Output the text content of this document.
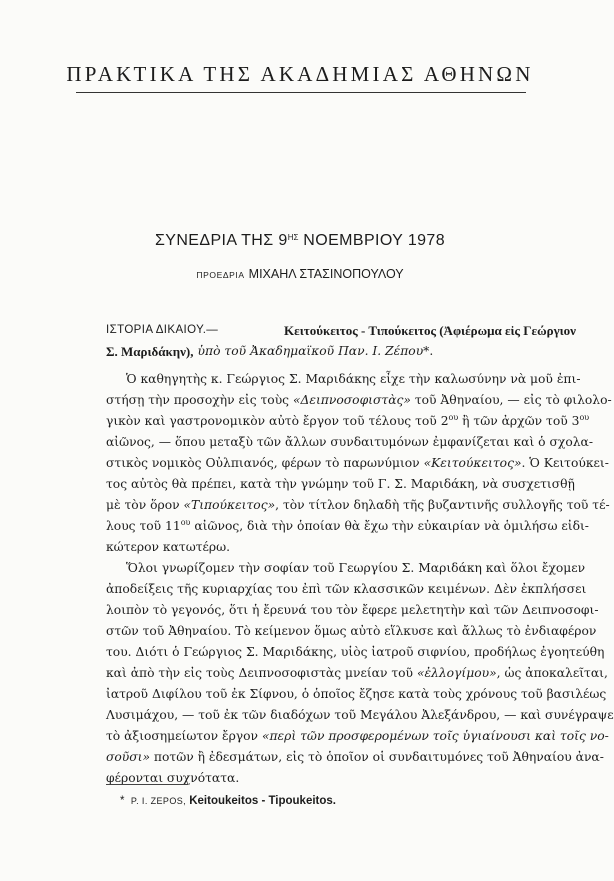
ΠΡΑΚΤΙΚΑ ΤΗΣ ΑΚΑΔΗΜΙΑΣ ΑΘΗΝΩΝ
ΣΥΝΕΔΡΙΑ ΤΗΣ $9^{H\Sigma}$ ΝΟΕΜΒΡΙΟΥ 1978
ΠΡΟΕΔΡΙΑ ΜΙΧΑΗΛ ΣΤΑΣΙΝΟΠΟΥΛΟΥ
ΙΣΤΟΡΙΑ ΔΙΚΑΙΟΥ.—	Κειτούκειτος - Τιπούκειτος (Ἀφιέρωμα εἰς Γεώργιον
Σ. Μαριδάκην), ὑπὸ τοῦ Ἀκαδημαϊκοῦ Παν. Ι. Ζέπου *.
Ὁ καθηγητὴς κ. Γεώργιος Σ. Μαριδάκης εἶχε τὴν καλωσύνην νὰ μοῦ ἐπι-
στήσῃ τὴν προσοχὴν εἰς τοὺς «Δειπνοσοφιστὰς» τοῦ Ἀθηναίου, — εἰς τὸ φιλολο-
γικὸν καὶ γαστρονομικὸν αὐτὸ ἔργον τοῦ τέλους τοῦ $2^{o\upsilon}$ ἢ τῶν ἀρχῶν τοῦ $3^{o\upsilon}$
αἰῶνος, — ὅπου μεταξὺ τῶν ἄλλων συνδαιτυμόνων ἐμφανίζεται καὶ ὁ σχολα-
στικὸς νομικὸς Οὐλπιανός, φέρων τὸ παρωνύμιον «Κειτούκειτος». Ὁ Κειτούκει-
τος αὐτὸς θὰ πρέπει, κατὰ τὴν γνώμην τοῦ Γ. Σ. Μαριδάκη, νὰ συσχετισθῇ
μὲ τὸν ὅρον «Τιπούκειτος», τὸν τίτλον δηλαδὴ τῆς βυζαντινῆς συλλογῆς τοῦ τέ-
λους τοῦ $11^{o\upsilon}$ αἰῶνος, διὰ τὴν ὁποίαν θὰ ἔχω τὴν εὐκαιρίαν νὰ ὁμιλήσω εἰδι-
κώτερον κατωτέρω.
Ὅλοι γνωρίζομεν τὴν σοφίαν τοῦ Γεωργίου Σ. Μαριδάκη καὶ ὅλοι ἔχομεν
ἀποδείξεις τῆς κυριαρχίας του ἐπὶ τῶν κλασσικῶν κειμένων. Δὲν ἐκπλήσσει
λοιπὸν τὸ γεγονός, ὅτι ἡ ἔρευνά του τὸν ἔφερε μελετητὴν καὶ τῶν Δειπνοσοφι-
στῶν τοῦ Ἀθηναίου. Τὸ κείμενον ὅμως αὐτὸ εἵλκυσε καὶ ἄλλως τὸ ἐνδιαφέρον
του. Διότι ὁ Γεώργιος Σ. Μαριδάκης, υἱὸς ἰατροῦ σιφνίου, προδήλως ἐγοητεύθη
καὶ ἀπὸ τὴν εἰς τοὺς Δειπνοσοφιστὰς μνείαν τοῦ «ἐλλογίμου», ὡς ἀποκαλεῖται,
ἰατροῦ Διφίλου τοῦ ἐκ Σίφνου, ὁ ὁποῖος ἔζησε κατὰ τοὺς χρόνους τοῦ βασιλέως
Λυσιμάχου, — τοῦ ἐκ τῶν διαδόχων τοῦ Μεγάλου Ἀλεξάνδρου, — καὶ συνέγραψε
τὸ ἀξιοσημείωτον ἔργον «περὶ τῶν προσφερομένων τοῖς ὑγιαίνουσι καὶ τοῖς νο-
σοῦσι» ποτῶν ἢ ἐδεσμάτων, εἰς τὸ ὁποῖον οἱ συνδαιτυμόνες τοῦ Ἀθηναίου ἀνα-
φέρονται συχνότατα.
* P. I. ZEPOS, Keitoukeitos - Tipoukeitos.
